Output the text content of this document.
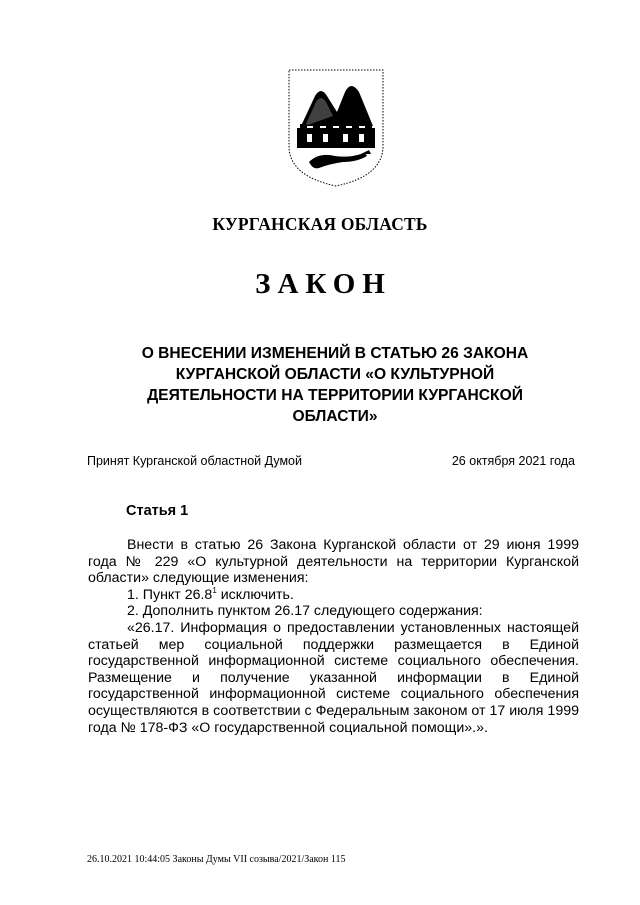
КУРГАНСКАЯ ОБЛАСТЬ
ЗАКОН
О ВНЕСЕНИИ ИЗМЕНЕНИЙ В СТАТЬЮ 26 ЗАКОНА
КУРГАНСКОЙ ОБЛАСТИ «О КУЛЬТУРНОЙ
ДЕЯТЕЛЬНОСТИ НА ТЕРРИТОРИИ КУРГАНСКОЙ
ОБЛАСТИ»
Принят Курганской областной Думой	26 октября 2021 года
Статья 1

Внести в статью 26 Закона Курганской области от 29 июня 1999 года № 229 «О культурной деятельности на территории Курганской области» следующие изменения:

1. Пункт 26.8$^1$ исключить.

2. Дополнить пунктом 26.17 следующего содержания:

«26.17. Информация о предоставлении установленных настоящей статьей мер социальной поддержки размещается в Единой государственной информационной системе социального обеспечения. Размещение и получение указанной информации в Единой государственной информационной системе социального обеспечения осуществляются в соответствии с Федеральным законом от 17 июля 1999 года № 178-ФЗ «О государственной социальной помощи».».

26.10.2021 10:44:05 Законы Думы VII созыва/2021/Закон 115
